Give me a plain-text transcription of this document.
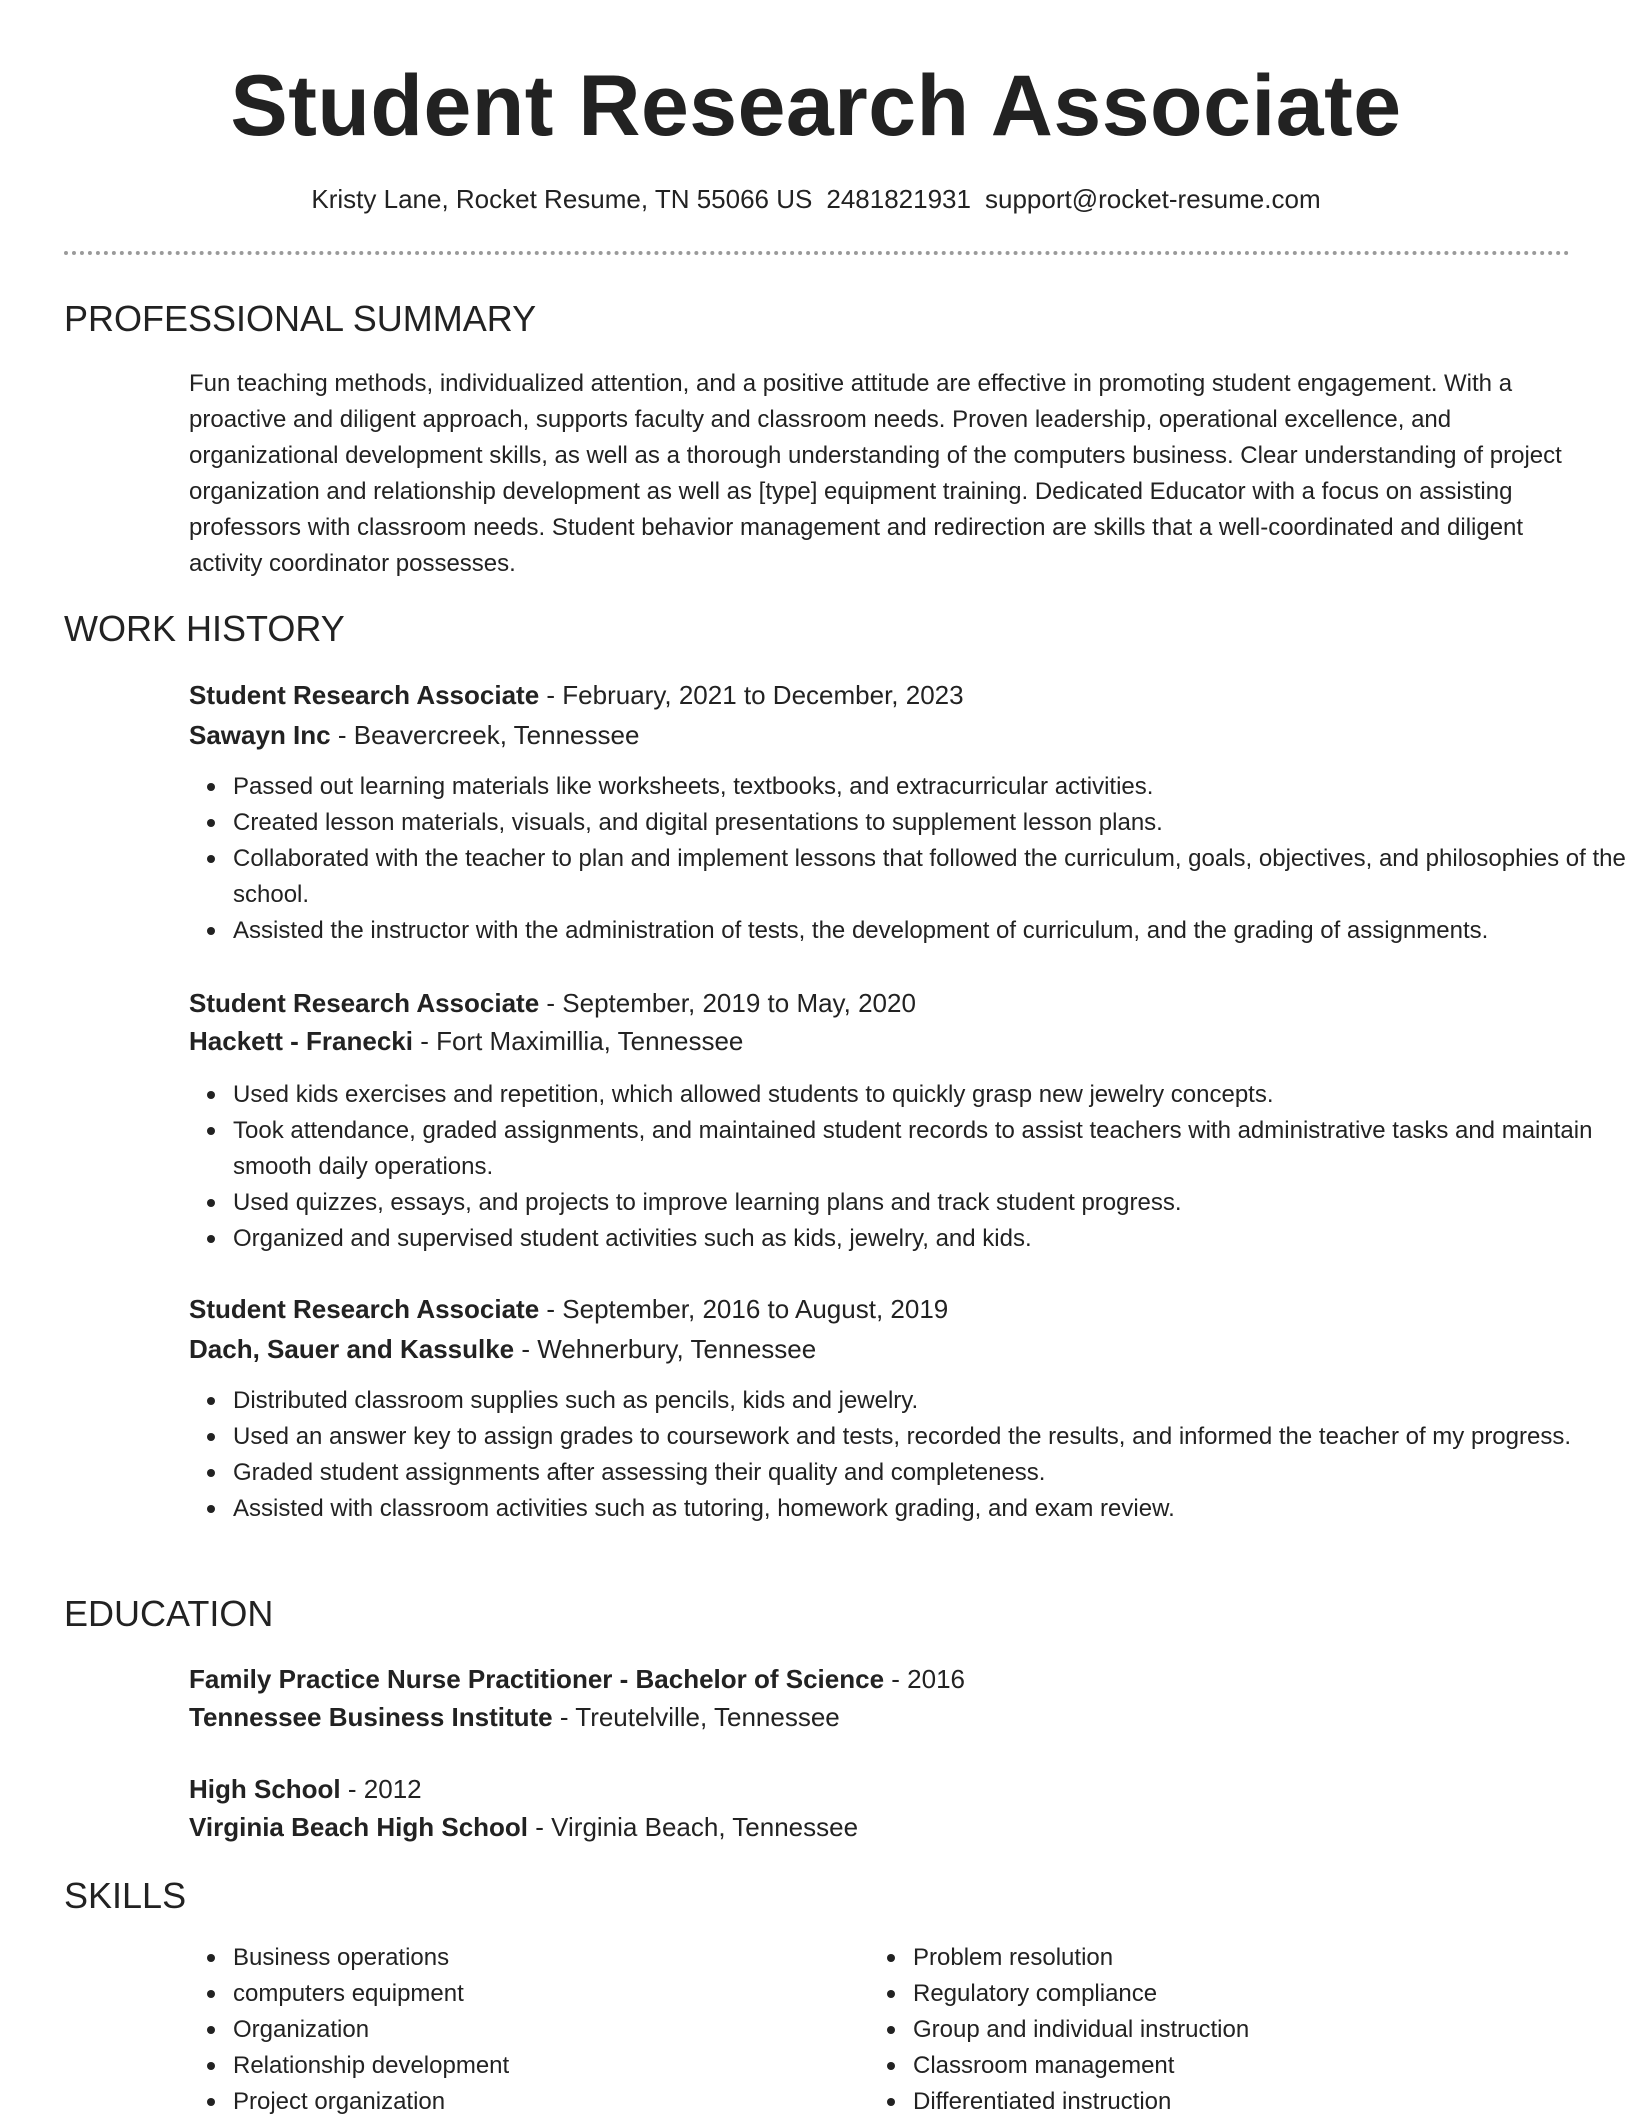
Student Research Associate
Kristy Lane, Rocket Resume, TN 55066 US 2481821931 support@rocket-resume.com
PROFESSIONAL SUMMARY

Fun teaching methods, individualized attention, and a positive attitude are effective in promoting student engagement. With a proactive and diligent approach, supports faculty and classroom needs. Proven leadership, operational excellence, and organizational development skills, as well as a thorough understanding of the computers business. Clear understanding of project organization and relationship development as well as [type] equipment training. Dedicated Educator with a focus on assisting professors with classroom needs. Student behavior management and redirection are skills that a well-coordinated and diligent activity coordinator possesses.

WORK HISTORY
Student Research Associate - February, 2021 to December, 2023
Sawayn Inc - Beavercreek, Tennessee
Passed out learning materials like worksheets, textbooks, and extracurricular activities.
Created lesson materials, visuals, and digital presentations to supplement lesson plans.
Collaborated with the teacher to plan and implement lessons that followed the curriculum, goals, objectives, and philosophies of the school.
Assisted the instructor with the administration of tests, the development of curriculum, and the grading of assignments.
Student Research Associate - September, 2019 to May, 2020
Hackett - Franecki - Fort Maximillia, Tennessee
Used kids exercises and repetition, which allowed students to quickly grasp new jewelry concepts.
Took attendance, graded assignments, and maintained student records to assist teachers with administrative tasks and maintain smooth daily operations.
Used quizzes, essays, and projects to improve learning plans and track student progress.
Organized and supervised student activities such as kids, jewelry, and kids.
Student Research Associate - September, 2016 to August, 2019
Dach, Sauer and Kassulke - Wehnerbury, Tennessee
Distributed classroom supplies such as pencils, kids and jewelry.
Used an answer key to assign grades to coursework and tests, recorded the results, and informed the teacher of my progress.
Graded student assignments after assessing their quality and completeness.
Assisted with classroom activities such as tutoring, homework grading, and exam review.
EDUCATION
Family Practice Nurse Practitioner - Bachelor of Science - 2016
Tennessee Business Institute - Treutelville, Tennessee
High School - 2012
Virginia Beach High School - Virginia Beach, Tennessee
SKILLS
Business operations
computers equipment
Organization
Relationship development
Project organization
Problem resolution
Regulatory compliance
Group and individual instruction
Classroom management
Differentiated instruction
